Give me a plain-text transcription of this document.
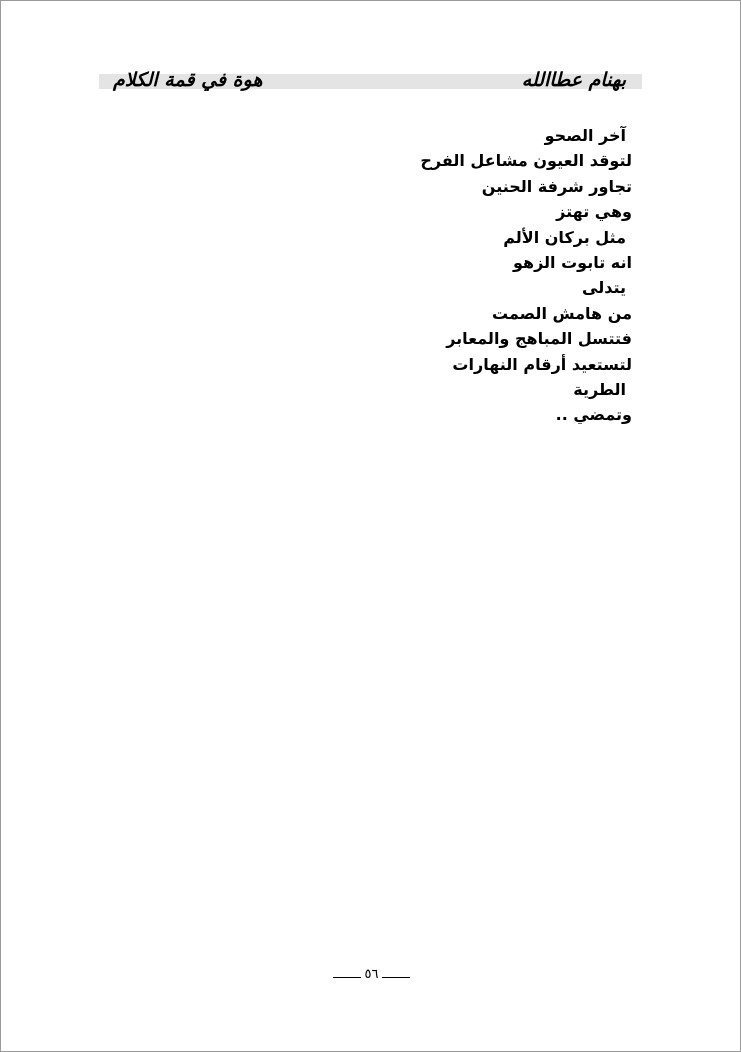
هوة في قمة الكلام	بهنام عطاالله
آخر الصحو
لتوقد العيون مشاعل الفرح
تجاور شرفة الحنين
وهي تهتز
مثل بركان الألم
انه تابوت الزهو
يتدلى
من هامش الصمت
فتتسل المباهج والمعابر
لتستعيد أرقام النهارات
الطرية
وتمضي ..
٥٦
